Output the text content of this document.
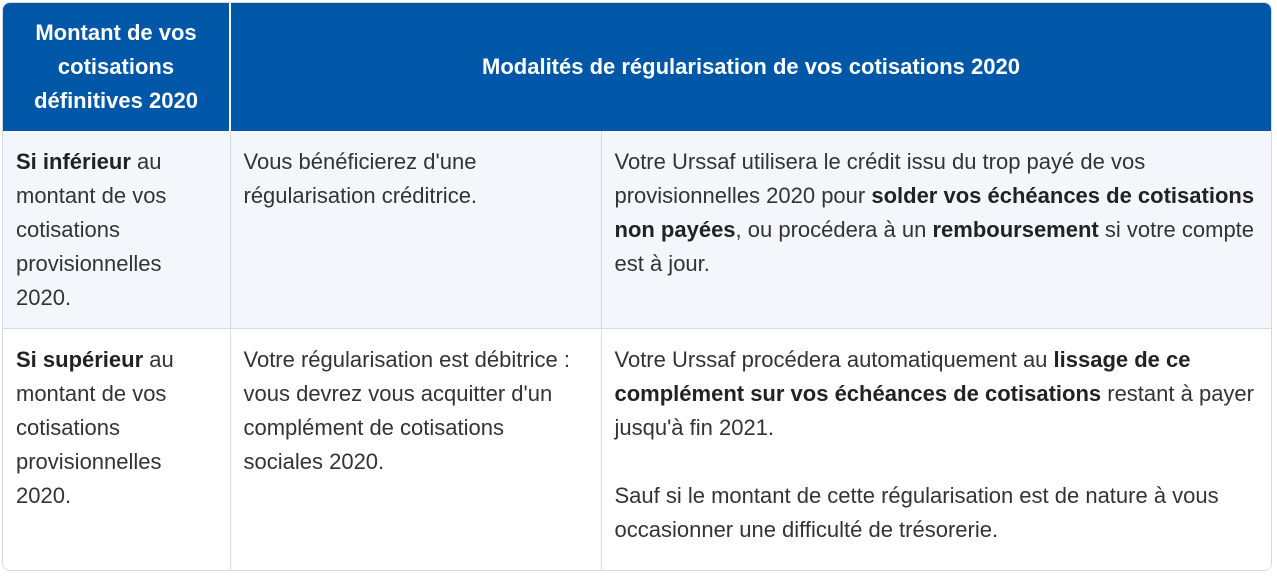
Montant de vos cotisations définitives 2020	Modalités de régularisation de vos cotisations 2020	
Si inférieur au montant de vos cotisations provisionnelles 2020.	Vous bénéficierez d'une régularisation créditrice.	Votre Urssaf utilisera le crédit issu du trop payé de vos provisionnelles 2020 pour solder vos échéances de cotisations non payées, ou procédera à un remboursement si votre compte est à jour.

Si supérieur au montant de vos cotisations provisionnelles 2020.	Votre régularisation est débitrice : vous devrez vous acquitter d'un complément de cotisations sociales 2020.	Votre Urssaf procédera automatiquement au lissage de ce complément sur vos échéances de cotisations restant à payer jusqu'à fin 2021.

Sauf si le montant de cette régularisation est de nature à vous occasionner une difficulté de trésorerie.
